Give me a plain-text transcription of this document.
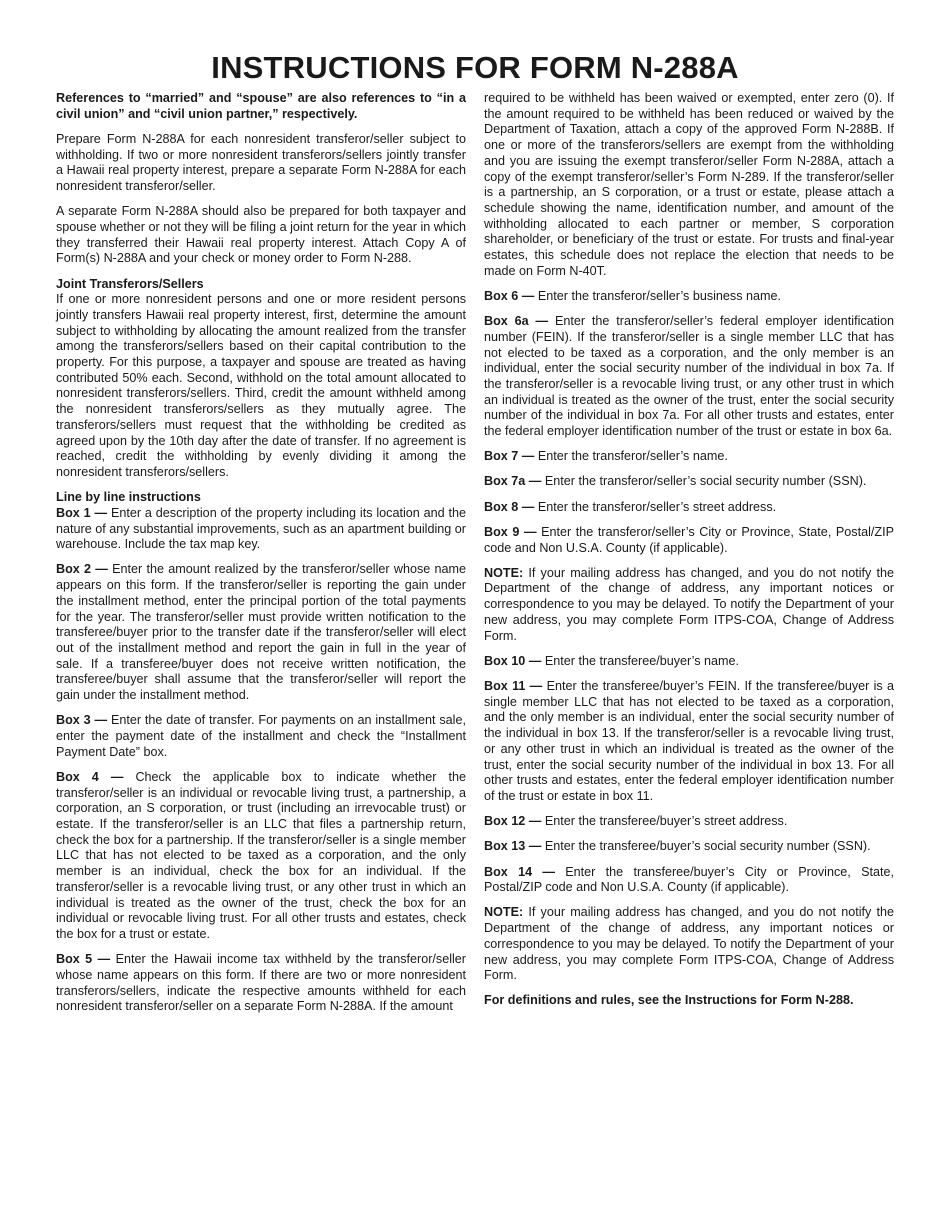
INSTRUCTIONS FOR FORM N-288A

References to “married” and “spouse” are also references to “in a civil union” and “civil union partner,” respectively.

Prepare Form N-288A for each nonresident transferor/seller subject to withholding. If two or more nonresident transferors/sellers jointly transfer a Hawaii real property interest, prepare a separate Form N-288A for each nonresident transferor/seller.

A separate Form N-288A should also be prepared for both taxpayer and spouse whether or not they will be filing a joint return for the year in which they transferred their Hawaii real property interest. Attach Copy A of Form(s) N-288A and your check or money order to Form N-288.

Joint Transferors/Sellers

If one or more nonresident persons and one or more resident persons jointly transfers Hawaii real property interest, first, determine the amount subject to withholding by allocating the amount realized from the transfer among the transferors/sellers based on their capital contribution to the property. For this purpose, a taxpayer and spouse are treated as having contributed 50% each. Second, withhold on the total amount allocated to nonresident transferors/sellers. Third, credit the amount withheld among the nonresident transferors/sellers as they mutually agree. The transferors/sellers must request that the withholding be credited as agreed upon by the 10th day after the date of transfer. If no agreement is reached, credit the withholding by evenly dividing it among the nonresident transferors/sellers.

Line by line instructions

Box 1 — Enter a description of the property including its location and the nature of any substantial improvements, such as an apartment building or warehouse. Include the tax map key.

Box 2 — Enter the amount realized by the transferor/seller whose name appears on this form. If the transferor/seller is reporting the gain under the installment method, enter the principal portion of the total payments for the year. The transferor/seller must provide written notification to the transferee/buyer prior to the transfer date if the transferor/seller will elect out of the installment method and report the gain in full in the year of sale. If a transferee/buyer does not receive written notification, the transferee/buyer shall assume that the transferor/seller will report the gain under the installment method.

Box 3 — Enter the date of transfer. For payments on an installment sale, enter the payment date of the installment and check the “Installment Payment Date” box.

Box 4 — Check the applicable box to indicate whether the transferor/seller is an individual or revocable living trust, a partnership, a corporation, an S corporation, or trust (including an irrevocable trust) or estate. If the transferor/seller is an LLC that files a partnership return, check the box for a partnership. If the transferor/seller is a single member LLC that has not elected to be taxed as a corporation, and the only member is an individual, check the box for an individual. If the transferor/seller is a revocable living trust, or any other trust in which an individual is treated as the owner of the trust, check the box for an individual or revocable living trust. For all other trusts and estates, check the box for a trust or estate.

Box 5 — Enter the Hawaii income tax withheld by the transferor/seller whose name appears on this form. If there are two or more nonresident transferors/sellers, indicate the respective amounts withheld for each nonresident transferor/seller on a separate Form N-288A. If the amount

required to be withheld has been waived or exempted, enter zero (0). If the amount required to be withheld has been reduced or waived by the Department of Taxation, attach a copy of the approved Form N-288B. If one or more of the transferors/sellers are exempt from the withholding and you are issuing the exempt transferor/seller Form N-288A, attach a copy of the exempt transferor/seller’s Form N-289. If the transferor/seller is a partnership, an S corporation, or a trust or estate, please attach a schedule showing the name, identification number, and amount of the withholding allocated to each partner or member, S corporation shareholder, or beneficiary of the trust or estate. For trusts and final-year estates, this schedule does not replace the election that needs to be made on Form N-40T.

Box 6 — Enter the transferor/seller’s business name.

Box 6a — Enter the transferor/seller’s federal employer identification number (FEIN). If the transferor/seller is a single member LLC that has not elected to be taxed as a corporation, and the only member is an individual, enter the social security number of the individual in box 7a. If the transferor/seller is a revocable living trust, or any other trust in which an individual is treated as the owner of the trust, enter the social security number of the individual in box 7a. For all other trusts and estates, enter the federal employer identification number of the trust or estate in box 6a.

Box 7 — Enter the transferor/seller’s name.

Box 7a — Enter the transferor/seller’s social security number (SSN).

Box 8 — Enter the transferor/seller’s street address.

Box 9 — Enter the transferor/seller’s City or Province, State, Postal/ZIP code and Non U.S.A. County (if applicable).

NOTE: If your mailing address has changed, and you do not notify the Department of the change of address, any important notices or correspondence to you may be delayed. To notify the Department of your new address, you may complete Form ITPS-COA, Change of Address Form.

Box 10 — Enter the transferee/buyer’s name.

Box 11 — Enter the transferee/buyer’s FEIN. If the transferee/buyer is a single member LLC that has not elected to be taxed as a corporation, and the only member is an individual, enter the social security number of the individual in box 13. If the transferor/seller is a revocable living trust, or any other trust in which an individual is treated as the owner of the trust, enter the social security number of the individual in box 13. For all other trusts and estates, enter the federal employer identification number of the trust or estate in box 11.

Box 12 — Enter the transferee/buyer’s street address.

Box 13 — Enter the transferee/buyer’s social security number (SSN).

Box 14 — Enter the transferee/buyer’s City or Province, State, Postal/ZIP code and Non U.S.A. County (if applicable).

NOTE: If your mailing address has changed, and you do not notify the Department of the change of address, any important notices or correspondence to you may be delayed. To notify the Department of your new address, you may complete Form ITPS-COA, Change of Address Form.

For definitions and rules, see the Instructions for Form N-288.
